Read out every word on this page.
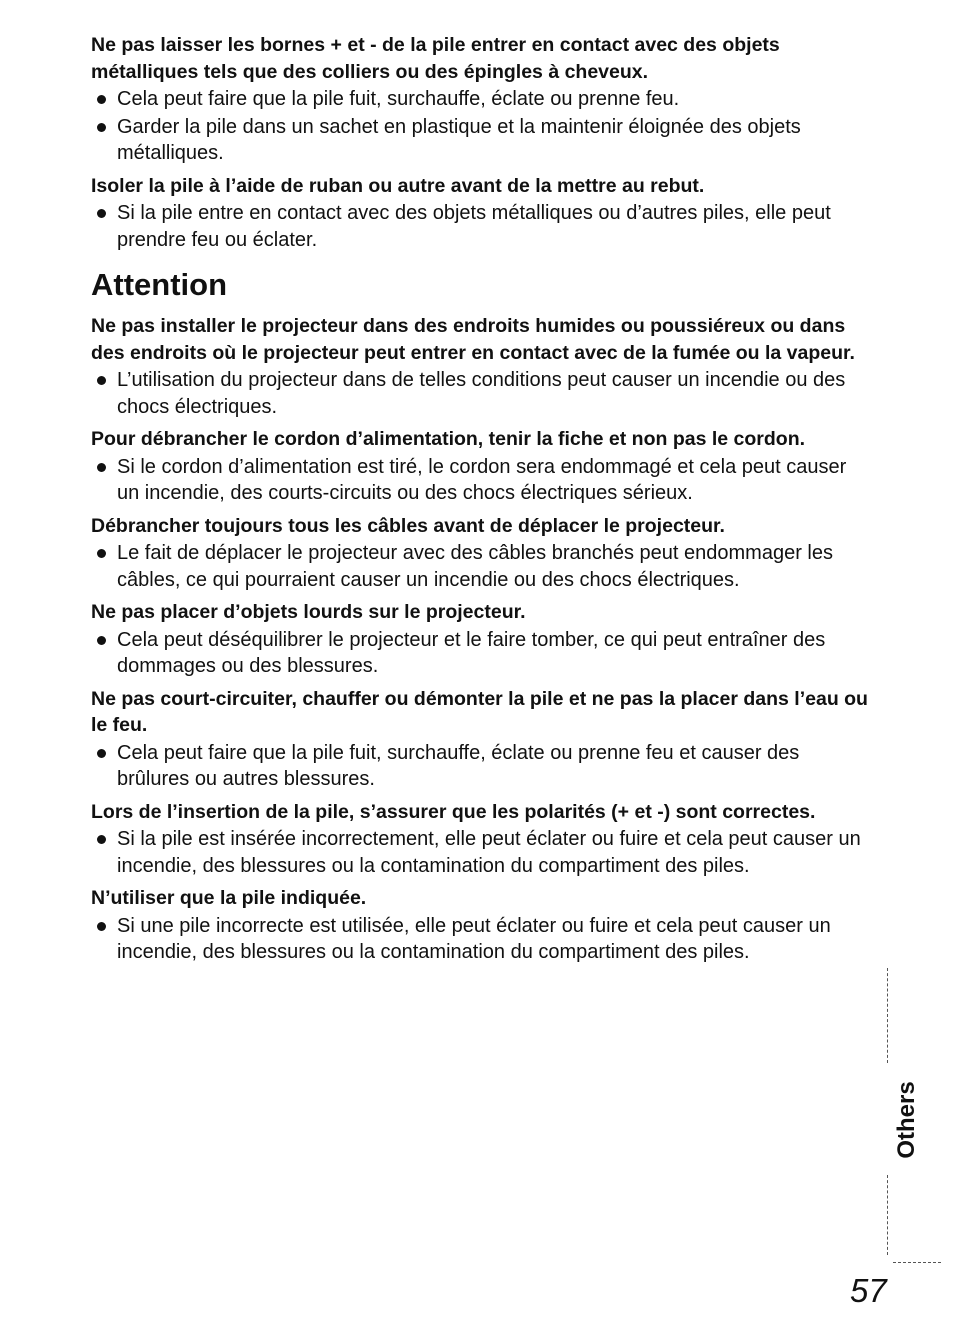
Ne pas laisser les bornes + et - de la pile entrer en contact avec des objets métalliques tels que des colliers ou des épingles à cheveux.

Cela peut faire que la pile fuit, surchauffe, éclate ou prenne feu.
Garder la pile dans un sachet en plastique et la maintenir éloignée des objets métalliques.

Isoler la pile à l’aide de ruban ou autre avant de la mettre au rebut.

Si la pile entre en contact avec des objets métalliques ou d’autres piles, elle peut prendre feu ou éclater.
Attention

Ne pas installer le projecteur dans des endroits humides ou poussiéreux ou dans des endroits où le projecteur peut entrer en contact avec de la fumée ou la vapeur.

L’utilisation du projecteur dans de telles conditions peut causer un incendie ou des chocs électriques.

Pour débrancher le cordon d’alimentation, tenir la fiche et non pas le cordon.

Si le cordon d’alimentation est tiré, le cordon sera endommagé et cela peut causer un incendie, des courts-circuits ou des chocs électriques sérieux.

Débrancher toujours tous les câbles avant de déplacer le projecteur.

Le fait de déplacer le projecteur avec des câbles branchés peut endommager les câbles, ce qui pourraient causer un incendie ou des chocs électriques.

Ne pas placer d’objets lourds sur le projecteur.

Cela peut déséquilibrer le projecteur et le faire tomber, ce qui peut entraîner des dommages ou des blessures.

Ne pas court-circuiter, chauffer ou démonter la pile et ne pas la placer dans l’eau ou le feu.

Cela peut faire que la pile fuit, surchauffe, éclate ou prenne feu et causer des brûlures ou autres blessures.

Lors de l’insertion de la pile, s’assurer que les polarités (+ et -) sont correctes.

Si la pile est insérée incorrectement, elle peut éclater ou fuire et cela peut causer un incendie, des blessures ou la contamination du compartiment des piles.

N’utiliser que la pile indiquée.

Si une pile incorrecte est utilisée, elle peut éclater ou fuire et cela peut causer un incendie, des blessures ou la contamination du compartiment des piles.
Others
57
